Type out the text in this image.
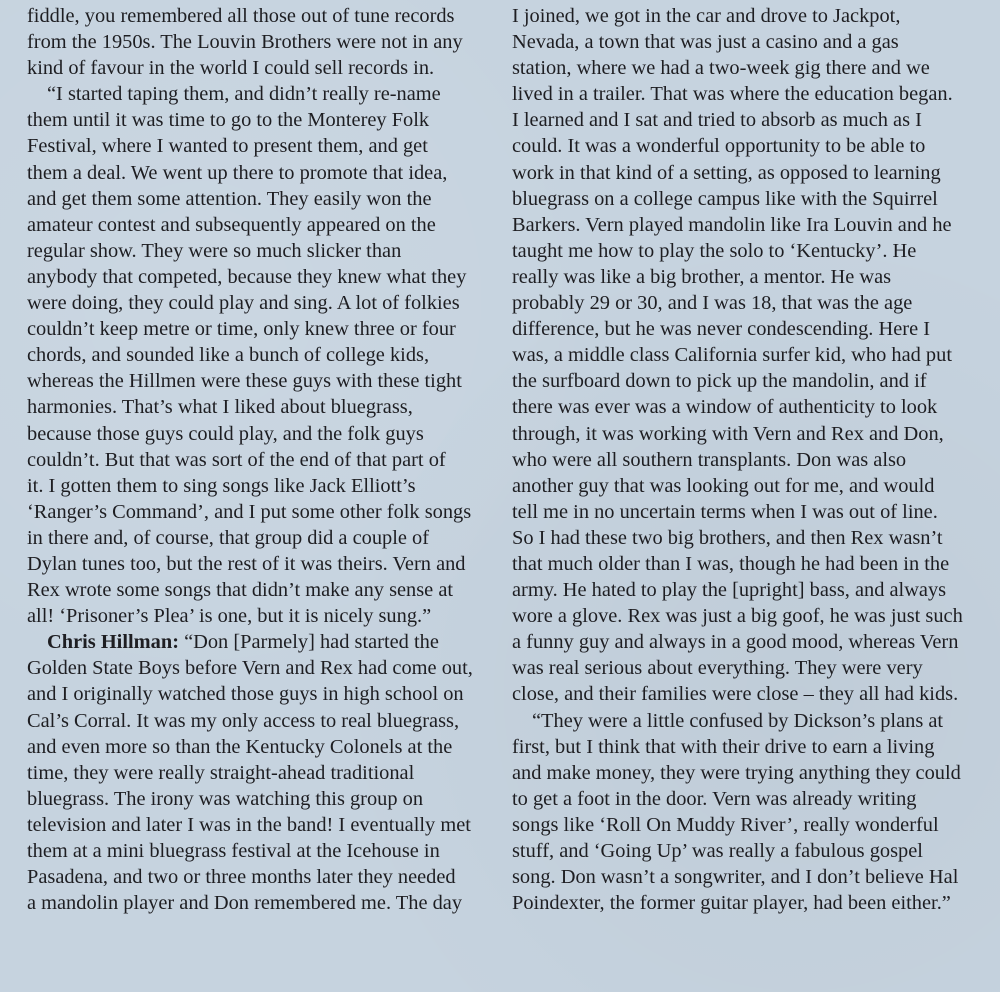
fiddle, you remembered all those out of tune records
from the 1950s. The Louvin Brothers were not in any
kind of favour in the world I could sell records in.
“I started taping them, and didn’t really re-name
them until it was time to go to the Monterey Folk
Festival, where I wanted to present them, and get
them a deal. We went up there to promote that idea,
and get them some attention. They easily won the
amateur contest and subsequently appeared on the
regular show. They were so much slicker than
anybody that competed, because they knew what they
were doing, they could play and sing. A lot of folkies
couldn’t keep metre or time, only knew three or four
chords, and sounded like a bunch of college kids,
whereas the Hillmen were these guys with these tight
harmonies. That’s what I liked about bluegrass,
because those guys could play, and the folk guys
couldn’t. But that was sort of the end of that part of
it. I gotten them to sing songs like Jack Elliott’s
‘Ranger’s Command’, and I put some other folk songs
in there and, of course, that group did a couple of
Dylan tunes too, but the rest of it was theirs. Vern and
Rex wrote some songs that didn’t make any sense at
all! ‘Prisoner’s Plea’ is one, but it is nicely sung.”
Chris Hillman: “Don [Parmely] had started the
Golden State Boys before Vern and Rex had come out,
and I originally watched those guys in high school on
Cal’s Corral. It was my only access to real bluegrass,
and even more so than the Kentucky Colonels at the
time, they were really straight-ahead traditional
bluegrass. The irony was watching this group on
television and later I was in the band! I eventually met
them at a mini bluegrass festival at the Icehouse in
Pasadena, and two or three months later they needed
a mandolin player and Don remembered me. The day
I joined, we got in the car and drove to Jackpot,
Nevada, a town that was just a casino and a gas
station, where we had a two-week gig there and we
lived in a trailer. That was where the education began.
I learned and I sat and tried to absorb as much as I
could. It was a wonderful opportunity to be able to
work in that kind of a setting, as opposed to learning
bluegrass on a college campus like with the Squirrel
Barkers. Vern played mandolin like Ira Louvin and he
taught me how to play the solo to ‘Kentucky’. He
really was like a big brother, a mentor. He was
probably 29 or 30, and I was 18, that was the age
difference, but he was never condescending. Here I
was, a middle class California surfer kid, who had put
the surfboard down to pick up the mandolin, and if
there was ever was a window of authenticity to look
through, it was working with Vern and Rex and Don,
who were all southern transplants. Don was also
another guy that was looking out for me, and would
tell me in no uncertain terms when I was out of line.
So I had these two big brothers, and then Rex wasn’t
that much older than I was, though he had been in the
army. He hated to play the [upright] bass, and always
wore a glove. Rex was just a big goof, he was just such
a funny guy and always in a good mood, whereas Vern
was real serious about everything. They were very
close, and their families were close – they all had kids.
“They were a little confused by Dickson’s plans at
first, but I think that with their drive to earn a living
and make money, they were trying anything they could
to get a foot in the door. Vern was already writing
songs like ‘Roll On Muddy River’, really wonderful
stuff, and ‘Going Up’ was really a fabulous gospel
song. Don wasn’t a songwriter, and I don’t believe Hal
Poindexter, the former guitar player, had been either.”
